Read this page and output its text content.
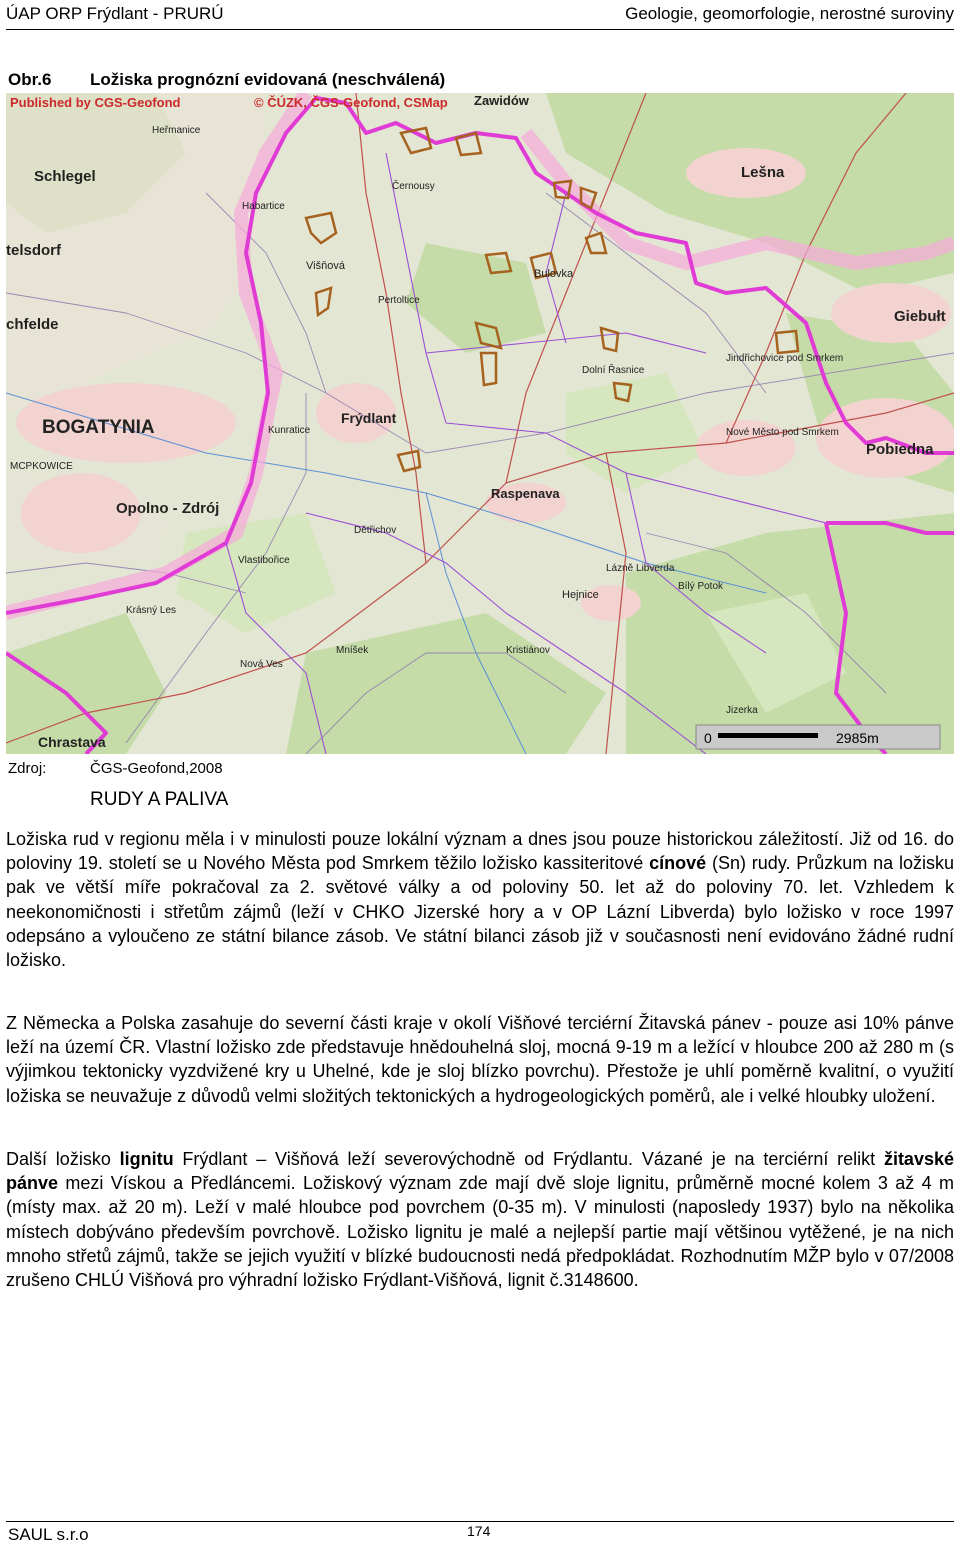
ÚAP ORP Frýdlant - PRURÚ	Geologie, geomorfologie, nerostné suroviny
Obr.6 Ložiska prognózní evidovaná (neschválená)
Published by CGS-Geofond	© ČÚZK, ČGS-Geofond, CSMap Zawidów
Schlegel
telsdorf
chfelde
BOGATYNIA
Opolno - Zdrój
Chrastava
Lešna
Giebułt
Pobiedna
Frýdlant
Raspenava
Višňová
Bulovka
Jindřichovice pod Smrkem
Nové Město pod Smrkem
Hejnice
Bílý Potok
Lázně Libverda
Černousy
Dětřichov
Mníšek
Nová Ves
Kunratice
MCPKOWICE
Krásný Les
Kristiánov
Pertoltice
Habartice
Heřmanice
Jizerka
Dolní Řasnice
Vlastibořice
0	2985m
Zdroj:	ČGS-Geofond,2008
RUDY A PALIVA

Ložiska rud v regionu měla i v minulosti pouze lokální význam a dnes jsou pouze historickou záležitostí. Již od 16. do poloviny 19. století se u Nového Města pod Smrkem těžilo ložisko kassiteritové cínové (Sn) rudy. Průzkum na ložisku pak ve větší míře pokračoval za 2. světové války a od poloviny 50. let až do poloviny 70. let. Vzhledem k neekonomičnosti i střetům zájmů (leží v CHKO Jizerské hory a v OP Lázní Libverda) bylo ložisko v roce 1997 odepsáno a vyloučeno ze státní bilance zásob. Ve státní bilanci zásob již v současnosti není evidováno žádné rudní ložisko.

Z Německa a Polska zasahuje do severní části kraje v okolí Višňové terciérní Žitavská pánev - pouze asi 10% pánve leží na území ČR. Vlastní ložisko zde představuje hnědouhelná sloj, mocná 9-19 m a ležící v hloubce 200 až 280 m (s výjimkou tektonicky vyzdvižené kry u Uhelné, kde je sloj blízko povrchu). Přestože je uhlí poměrně kvalitní, o využití ložiska se neuvažuje z důvodů velmi složitých tektonických a hydrogeologických poměrů, ale i velké hloubky uložení.

Další ložisko lignitu Frýdlant – Višňová leží severovýchodně od Frýdlantu. Vázané je na terciérní relikt žitavské pánve mezi Vískou a Předláncemi. Ložiskový význam zde mají dvě sloje lignitu, průměrně mocné kolem 3 až 4 m (místy max. až 20 m). Leží v malé hloubce pod povrchem (0-35 m). V minulosti (naposledy 1937) bylo na několika místech dobýváno především povrchově. Ložisko lignitu je malé a nejlepší partie mají většinou vytěžené, je na nich mnoho střetů zájmů, takže se jejich využití v blízké budoucnosti nedá předpokládat. Rozhodnutím MŽP bylo v 07/2008 zrušeno CHLÚ Višňová pro výhradní ložisko Frýdlant-Višňová, lignit č.3148600.

SAUL s.r.o	174
